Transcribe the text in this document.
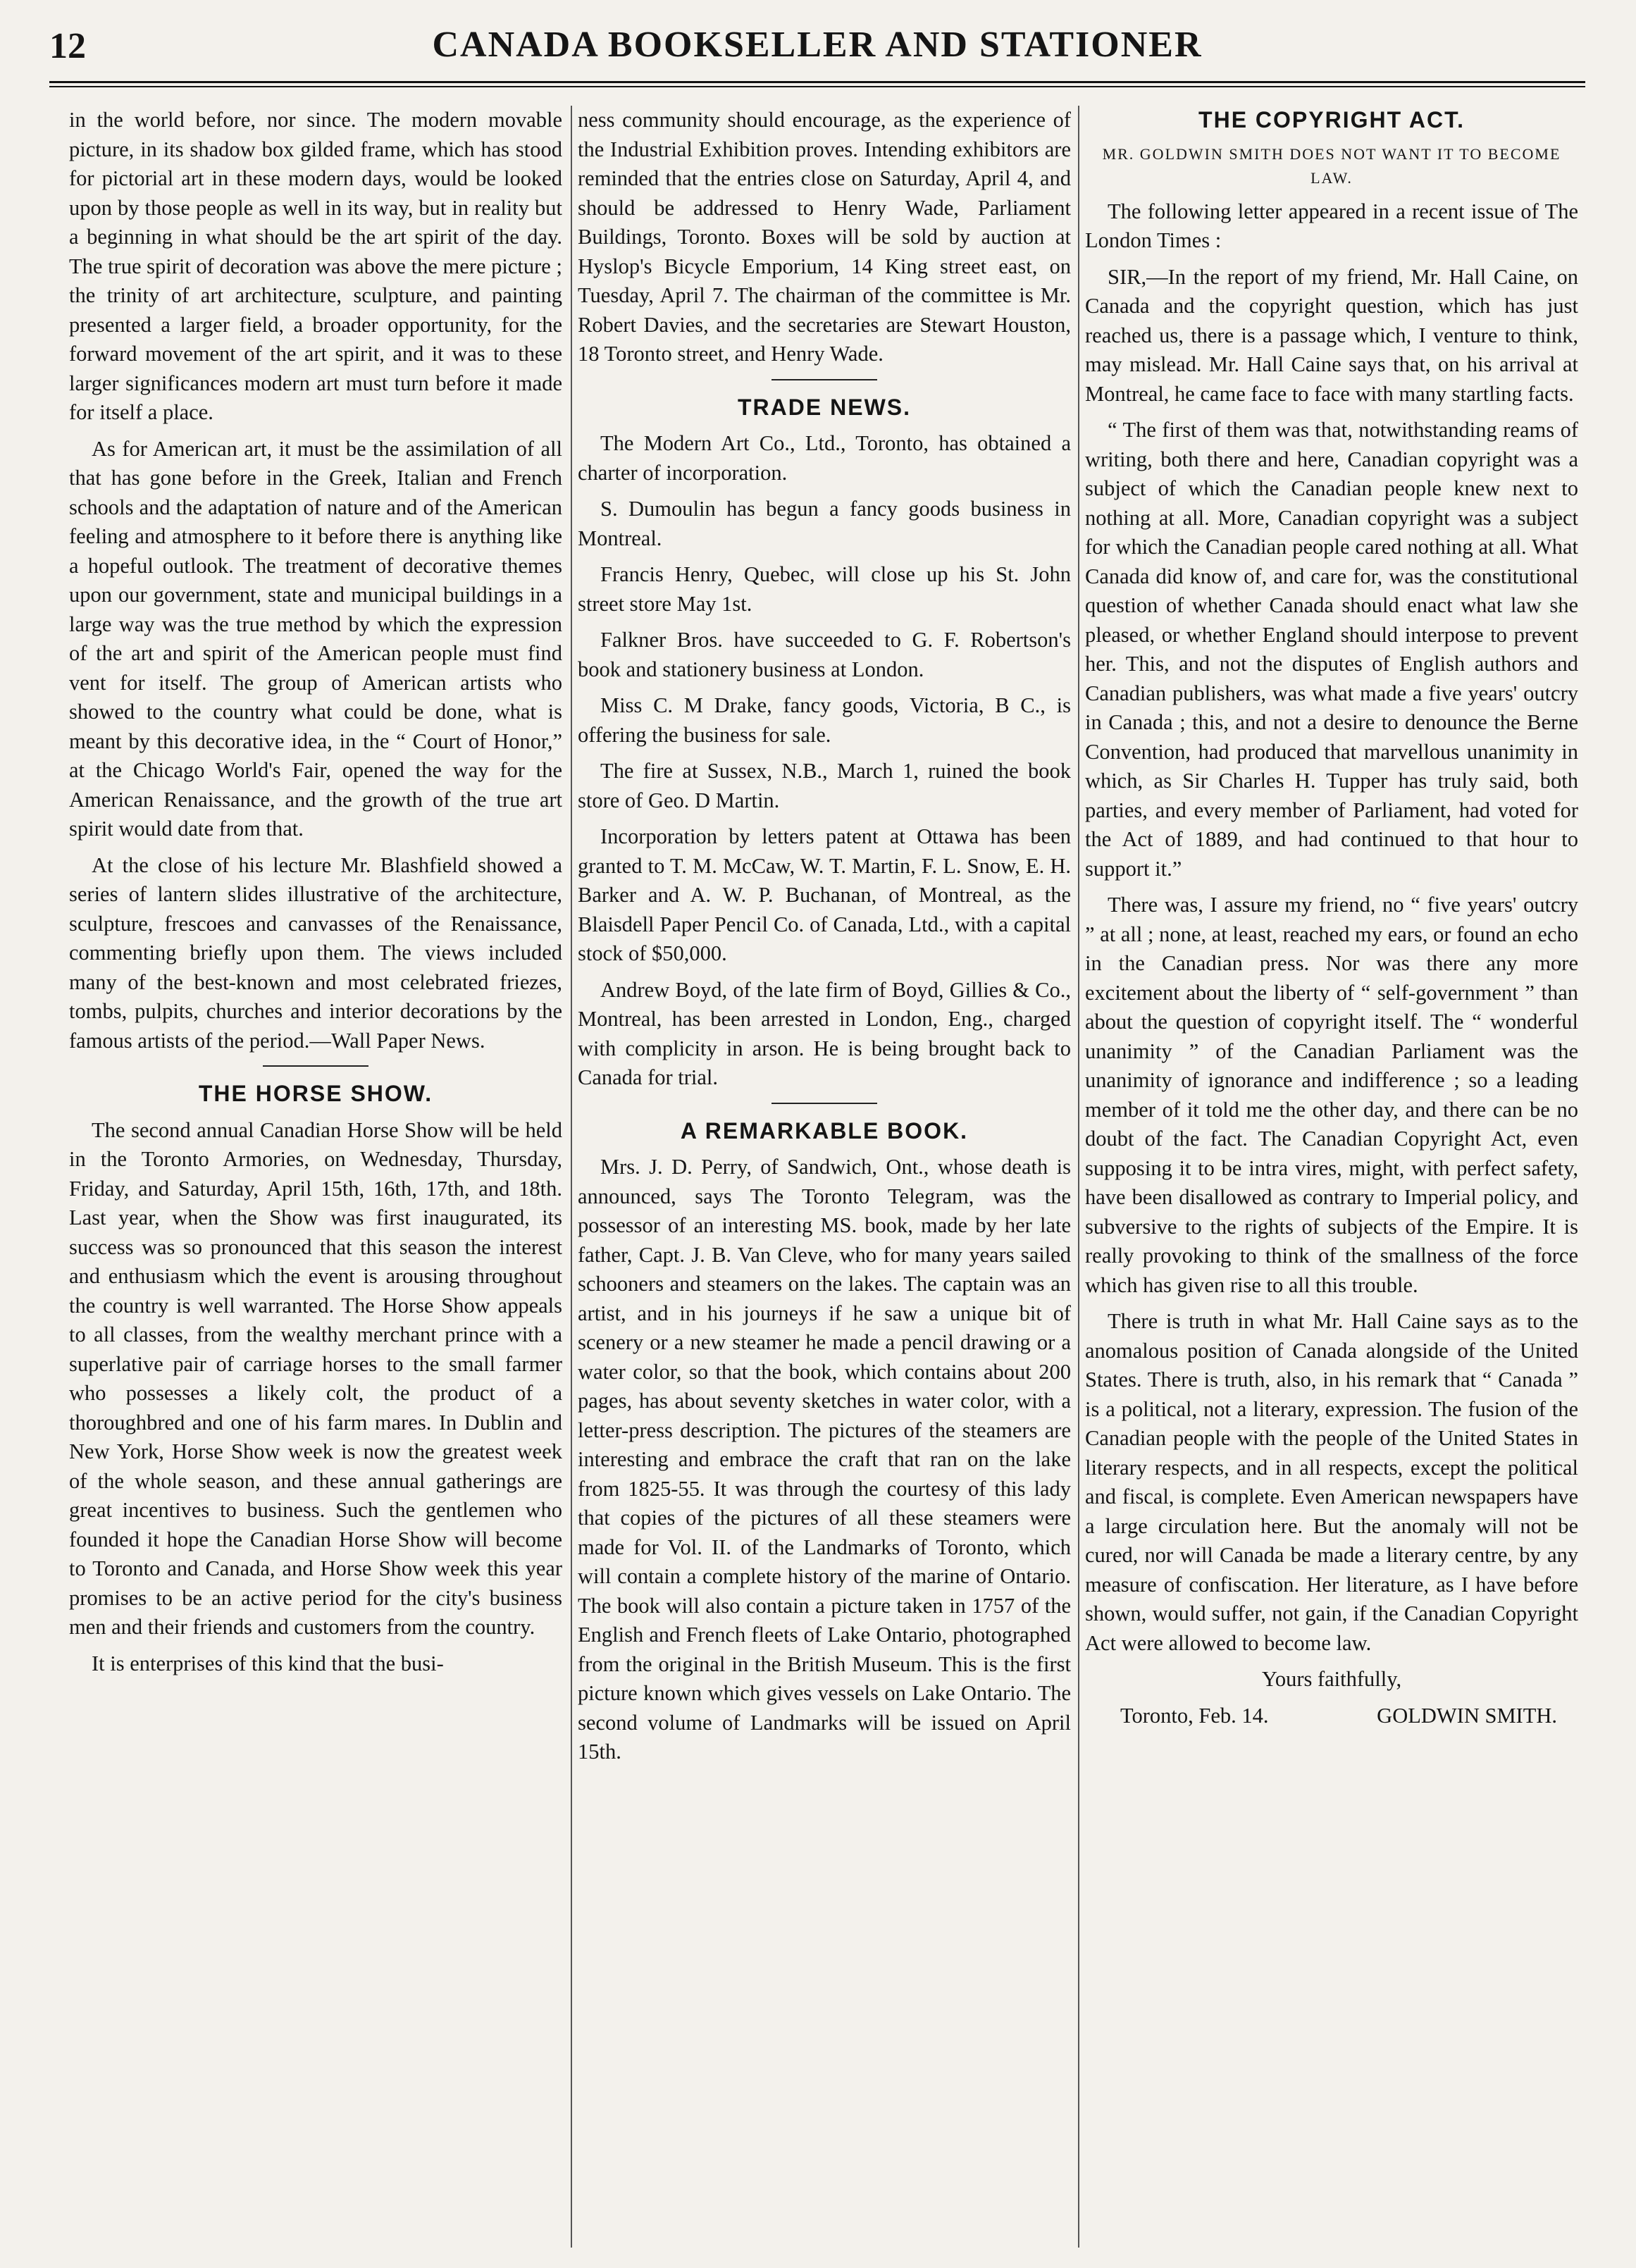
12	CANADA BOOKSELLER AND STATIONER

in the world before, nor since. The modern movable picture, in its shadow box gilded frame, which has stood for pictorial art in these modern days, would be looked upon by those people as well in its way, but in reality but a beginning in what should be the art spirit of the day. The true spirit of decoration was above the mere picture ; the trinity of art architecture, sculpture, and painting presented a larger field, a broader opportunity, for the forward movement of the art spirit, and it was to these larger significances modern art must turn before it made for itself a place.

As for American art, it must be the assimilation of all that has gone before in the Greek, Italian and French schools and the adaptation of nature and of the American feeling and atmosphere to it before there is anything like a hopeful outlook. The treatment of decorative themes upon our government, state and municipal buildings in a large way was the true method by which the expression of the art and spirit of the American people must find vent for itself. The group of American artists who showed to the country what could be done, what is meant by this decorative idea, in the “ Court of Honor,” at the Chicago World's Fair, opened the way for the American Renaissance, and the growth of the true art spirit would date from that.

At the close of his lecture Mr. Blashfield showed a series of lantern slides illustrative of the architecture, sculpture, frescoes and canvasses of the Renaissance, commenting briefly upon them. The views included many of the best-known and most celebrated friezes, tombs, pulpits, churches and interior decorations by the famous artists of the period.—Wall Paper News.

THE HORSE SHOW.

The second annual Canadian Horse Show will be held in the Toronto Armories, on Wednesday, Thursday, Friday, and Saturday, April 15th, 16th, 17th, and 18th. Last year, when the Show was first inaugurated, its success was so pronounced that this season the interest and enthusiasm which the event is arousing throughout the country is well warranted. The Horse Show appeals to all classes, from the wealthy merchant prince with a superlative pair of carriage horses to the small farmer who possesses a likely colt, the product of a thoroughbred and one of his farm mares. In Dublin and New York, Horse Show week is now the greatest week of the whole season, and these annual gatherings are great incentives to business. Such the gentlemen who founded it hope the Canadian Horse Show will become to Toronto and Canada, and Horse Show week this year promises to be an active period for the city's business men and their friends and customers from the country.

It is enterprises of this kind that the busi-

ness community should encourage, as the experience of the Industrial Exhibition proves. Intending exhibitors are reminded that the entries close on Saturday, April 4, and should be addressed to Henry Wade, Parliament Buildings, Toronto. Boxes will be sold by auction at Hyslop's Bicycle Emporium, 14 King street east, on Tuesday, April 7. The chairman of the committee is Mr. Robert Davies, and the secretaries are Stewart Houston, 18 Toronto street, and Henry Wade.

TRADE NEWS.

The Modern Art Co., Ltd., Toronto, has obtained a charter of incorporation.

S. Dumoulin has begun a fancy goods business in Montreal.

Francis Henry, Quebec, will close up his St. John street store May 1st.

Falkner Bros. have succeeded to G. F. Robertson's book and stationery business at London.

Miss C. M Drake, fancy goods, Victoria, B C., is offering the business for sale.

The fire at Sussex, N.B., March 1, ruined the book store of Geo. D Martin.

Incorporation by letters patent at Ottawa has been granted to T. M. McCaw, W. T. Martin, F. L. Snow, E. H. Barker and A. W. P. Buchanan, of Montreal, as the Blaisdell Paper Pencil Co. of Canada, Ltd., with a capital stock of $50,000.

Andrew Boyd, of the late firm of Boyd, Gillies & Co., Montreal, has been arrested in London, Eng., charged with complicity in arson. He is being brought back to Canada for trial.

A REMARKABLE BOOK.

Mrs. J. D. Perry, of Sandwich, Ont., whose death is announced, says The Toronto Telegram, was the possessor of an interesting MS. book, made by her late father, Capt. J. B. Van Cleve, who for many years sailed schooners and steamers on the lakes. The captain was an artist, and in his journeys if he saw a unique bit of scenery or a new steamer he made a pencil drawing or a water color, so that the book, which contains about 200 pages, has about seventy sketches in water color, with a letter-press description. The pictures of the steamers are interesting and embrace the craft that ran on the lake from 1825-55. It was through the courtesy of this lady that copies of the pictures of all these steamers were made for Vol. II. of the Landmarks of Toronto, which will contain a complete history of the marine of Ontario. The book will also contain a picture taken in 1757 of the English and French fleets of Lake Ontario, photographed from the original in the British Museum. This is the first picture known which gives vessels on Lake Ontario. The second volume of Landmarks will be issued on April 15th.

THE COPYRIGHT ACT.
MR. GOLDWIN SMITH DOES NOT WANT IT TO BECOME LAW.

The following letter appeared in a recent issue of The London Times :

SIR,—In the report of my friend, Mr. Hall Caine, on Canada and the copyright question, which has just reached us, there is a passage which, I venture to think, may mislead. Mr. Hall Caine says that, on his arrival at Montreal, he came face to face with many startling facts.

“ The first of them was that, notwithstanding reams of writing, both there and here, Canadian copyright was a subject of which the Canadian people knew next to nothing at all. More, Canadian copyright was a subject for which the Canadian people cared nothing at all. What Canada did know of, and care for, was the constitutional question of whether Canada should enact what law she pleased, or whether England should interpose to prevent her. This, and not the disputes of English authors and Canadian publishers, was what made a five years' outcry in Canada ; this, and not a desire to denounce the Berne Convention, had produced that marvellous unanimity in which, as Sir Charles H. Tupper has truly said, both parties, and every member of Parliament, had voted for the Act of 1889, and had continued to that hour to support it.”

There was, I assure my friend, no “ five years' outcry ” at all ; none, at least, reached my ears, or found an echo in the Canadian press. Nor was there any more excitement about the liberty of “ self-government ” than about the question of copyright itself. The “ wonderful unanimity ” of the Canadian Parliament was the unanimity of ignorance and indifference ; so a leading member of it told me the other day, and there can be no doubt of the fact. The Canadian Copyright Act, even supposing it to be intra vires, might, with perfect safety, have been disallowed as contrary to Imperial policy, and subversive to the rights of subjects of the Empire. It is really provoking to think of the smallness of the force which has given rise to all this trouble.

There is truth in what Mr. Hall Caine says as to the anomalous position of Canada alongside of the United States. There is truth, also, in his remark that “ Canada ” is a political, not a literary, expression. The fusion of the Canadian people with the people of the United States in literary respects, and in all respects, except the political and fiscal, is complete. Even American newspapers have a large circulation here. But the anomaly will not be cured, nor will Canada be made a literary centre, by any measure of confiscation. Her literature, as I have before shown, would suffer, not gain, if the Canadian Copyright Act were allowed to become law.

Yours faithfully,

Toronto, Feb. 14.	GOLDWIN SMITH.
